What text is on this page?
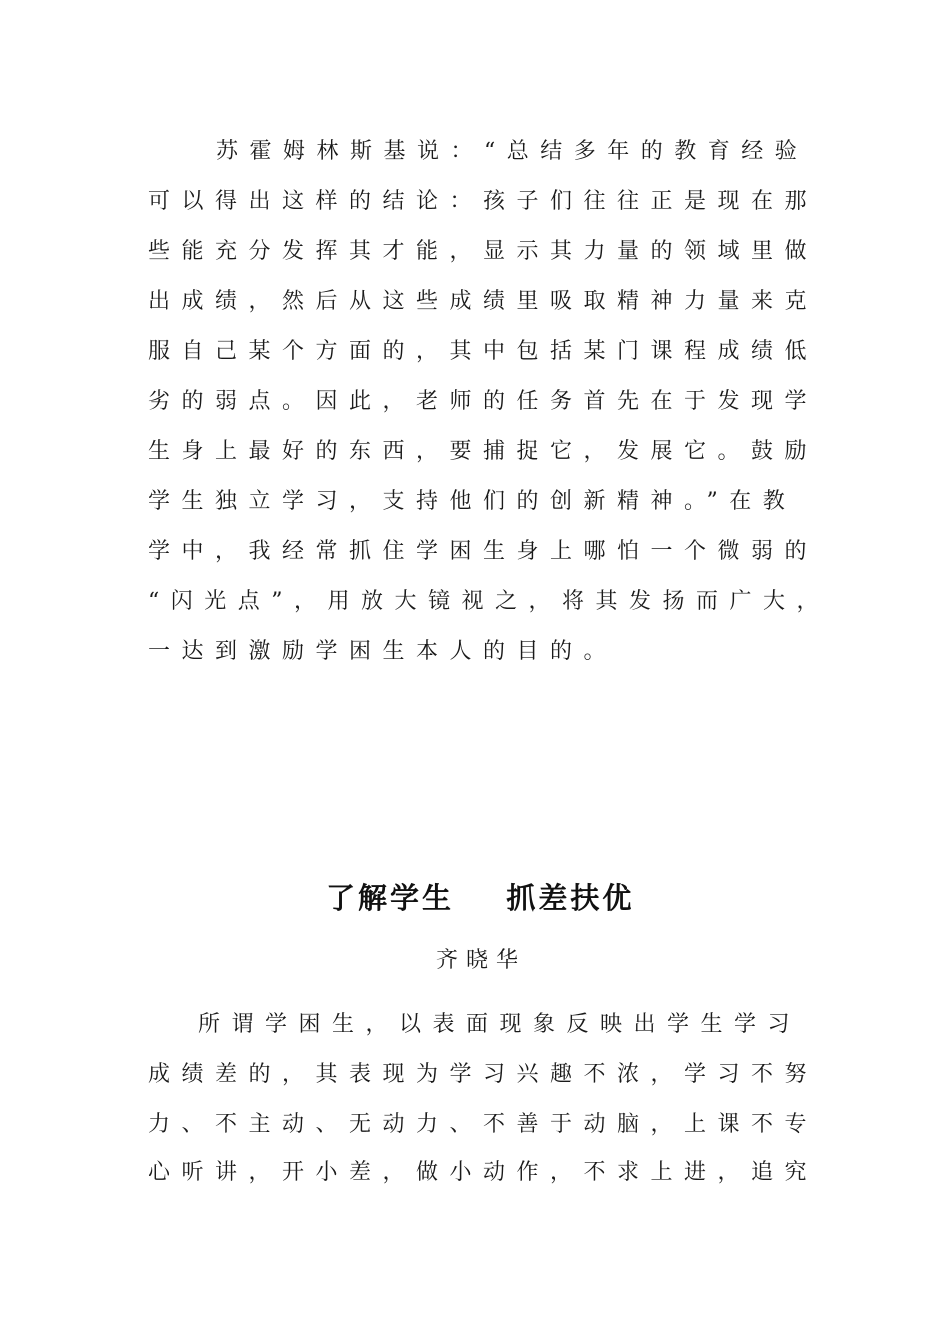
苏霍姆林斯基说：“总结多年的教育经验
可以得出这样的结论：孩子们往往正是现在那
些能充分发挥其才能，显示其力量的领域里做
出成绩，然后从这些成绩里吸取精神力量来克
服自己某个方面的，其中包括某门课程成绩低
劣的弱点。因此，老师的任务首先在于发现学
生身上最好的东西，要捕捉它，发展它。鼓励
学生独立学习，支持他们的创新精神。”在教
学中，我经常抓住学困生身上哪怕一个微弱的
“闪光点”，用放大镜视之，将其发扬而广大，
一达到激励学困生本人的目的。
了解学生    抓差扶优
齐晓华
所谓学困生，以表面现象反映出学生学习
成绩差的，其表现为学习兴趣不浓，学习不努
力、不主动、无动力、不善于动脑，上课不专
心听讲，开小差，做小动作，不求上进，追究
